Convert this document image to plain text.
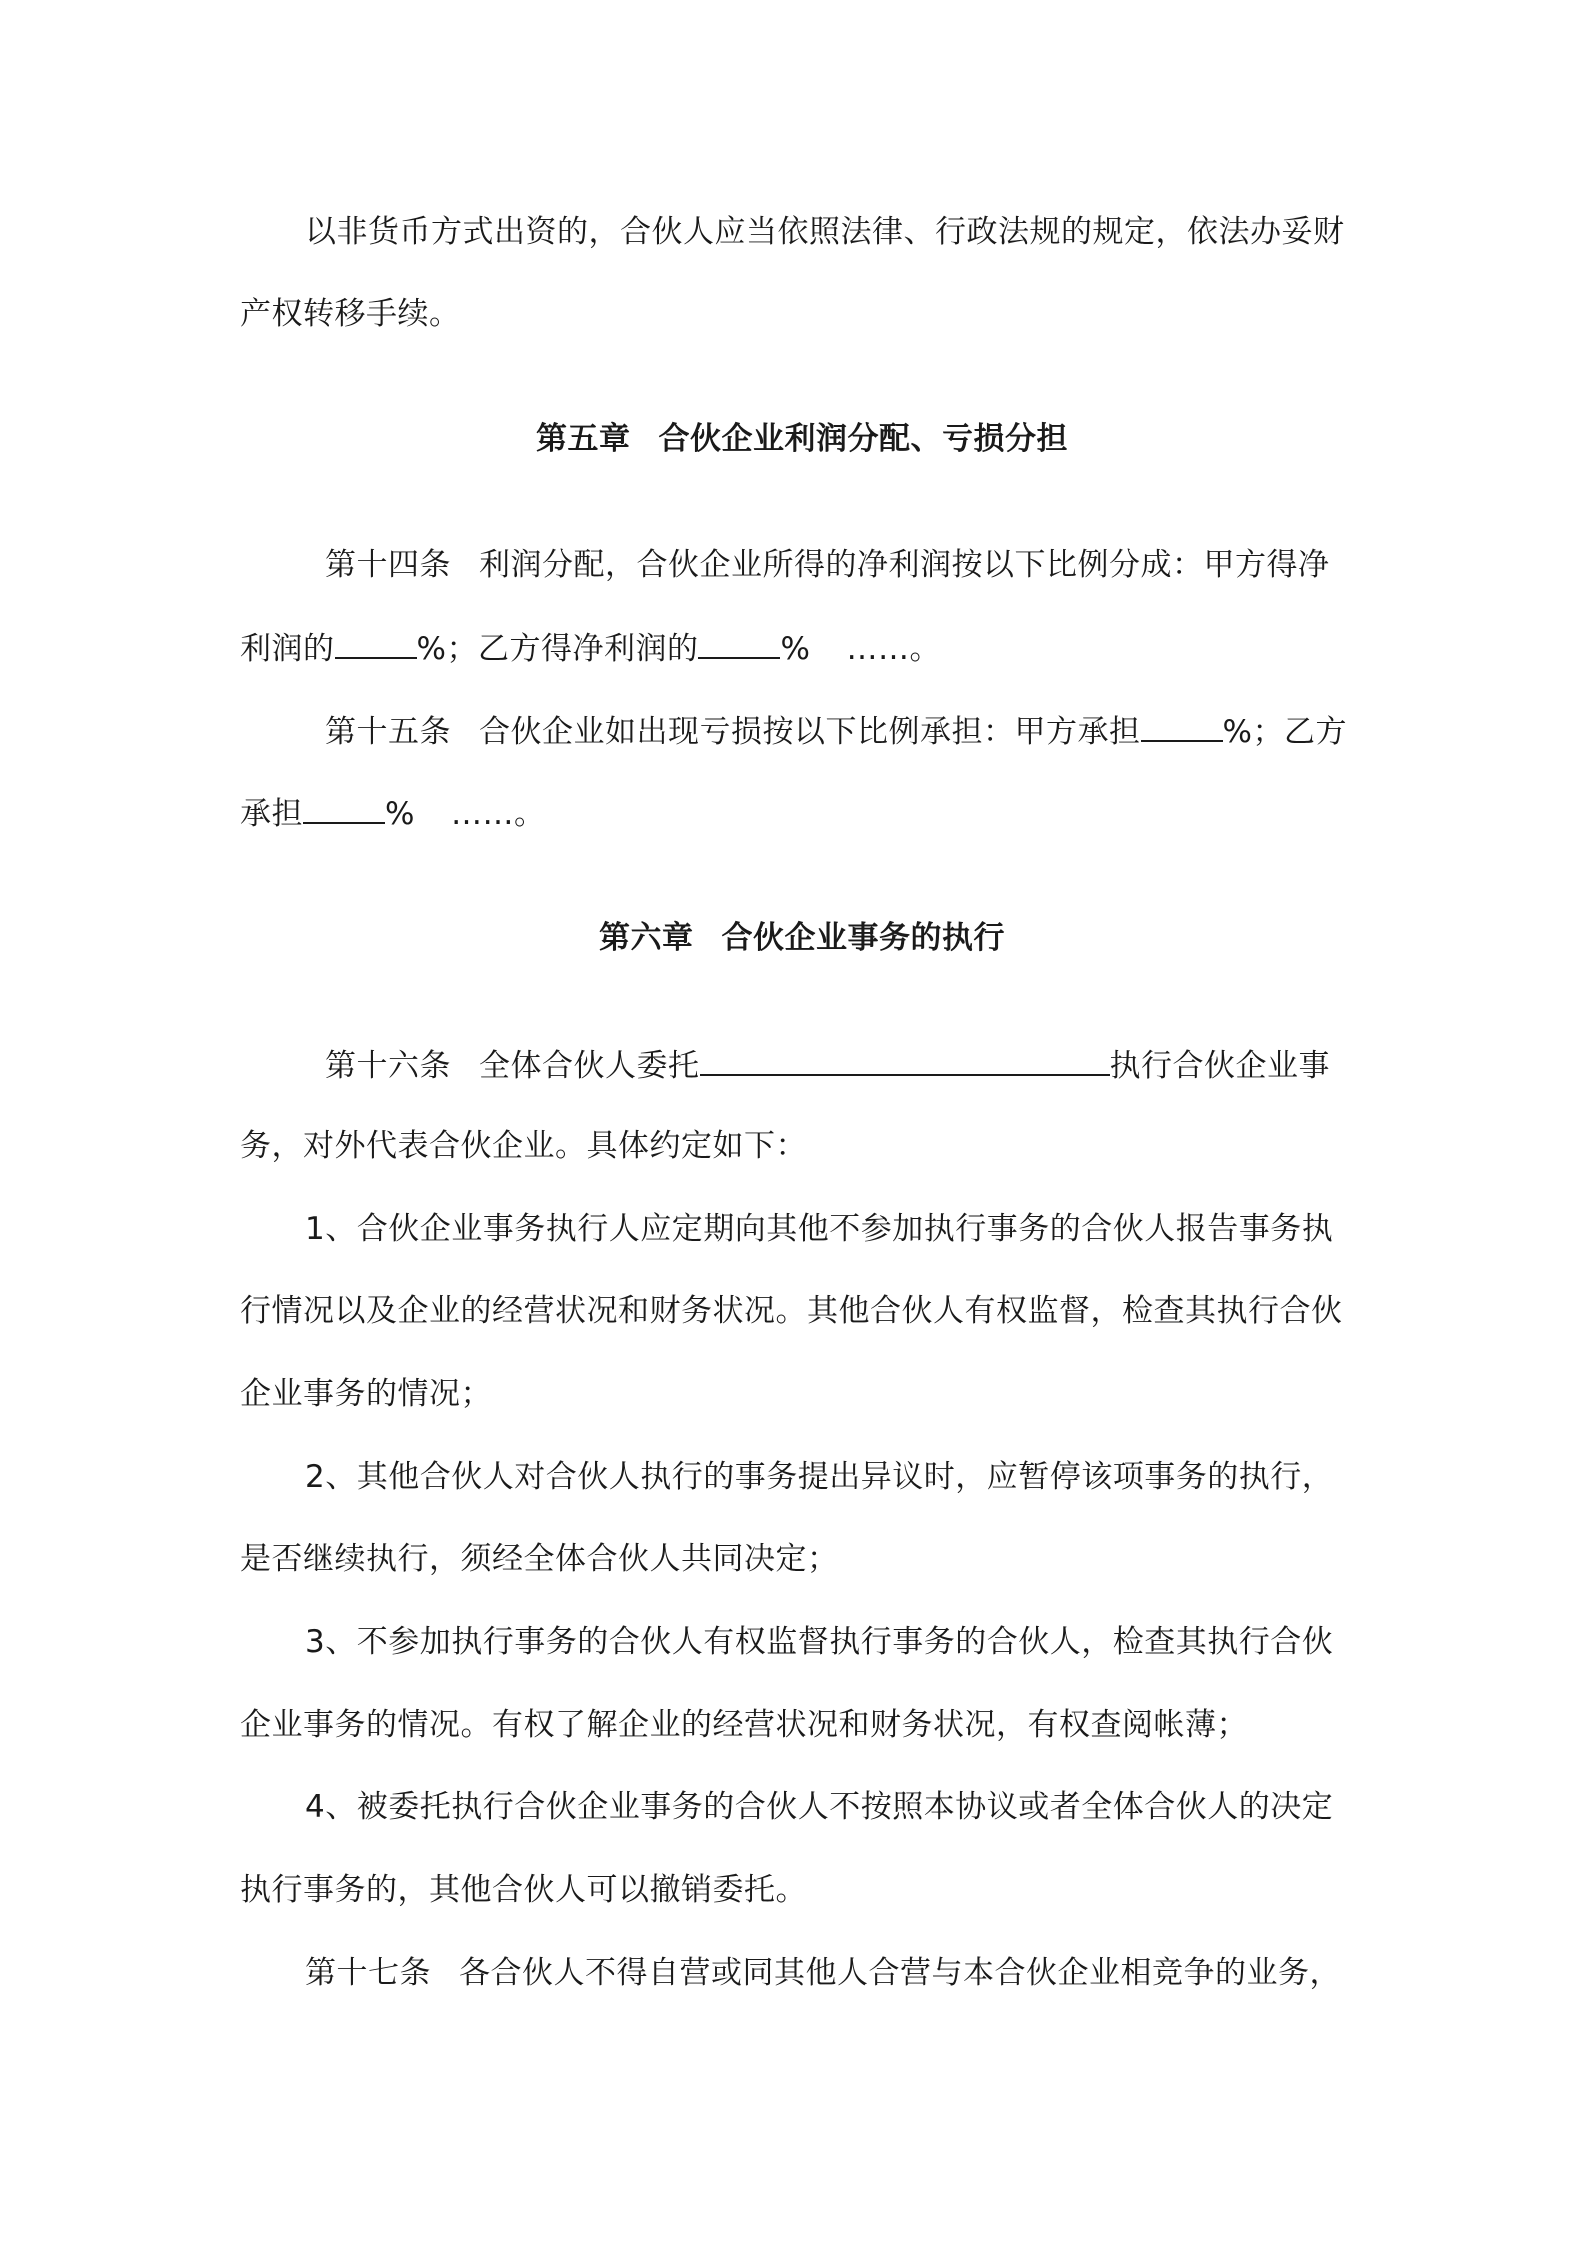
以非货币方式出资的，合伙人应当依照法律、行政法规的规定，依法办妥财

产权转移手续。

第五章 合伙企业利润分配、亏损分担

第十四条 利润分配，合伙企业所得的净利润按以下比例分成：甲方得净

利润的	%；乙方得净利润的	% ……。

第十五条 合伙企业如出现亏损按以下比例承担：甲方承担	%；乙方

承担	% ……。

第六章 合伙企业事务的执行

第十六条 全体合伙人委托	执行合伙企业事

务，对外代表合伙企业。具体约定如下：

1、合伙企业事务执行人应定期向其他不参加执行事务的合伙人报告事务执

行情况以及企业的经营状况和财务状况。其他合伙人有权监督，检查其执行合伙

企业事务的情况；

2、其他合伙人对合伙人执行的事务提出异议时，应暂停该项事务的执行，

是否继续执行，须经全体合伙人共同决定；

3、不参加执行事务的合伙人有权监督执行事务的合伙人，检查其执行合伙

企业事务的情况。有权了解企业的经营状况和财务状况，有权查阅帐薄；

4、被委托执行合伙企业事务的合伙人不按照本协议或者全体合伙人的决定

执行事务的，其他合伙人可以撤销委托。

第十七条 各合伙人不得自营或同其他人合营与本合伙企业相竞争的业务，
